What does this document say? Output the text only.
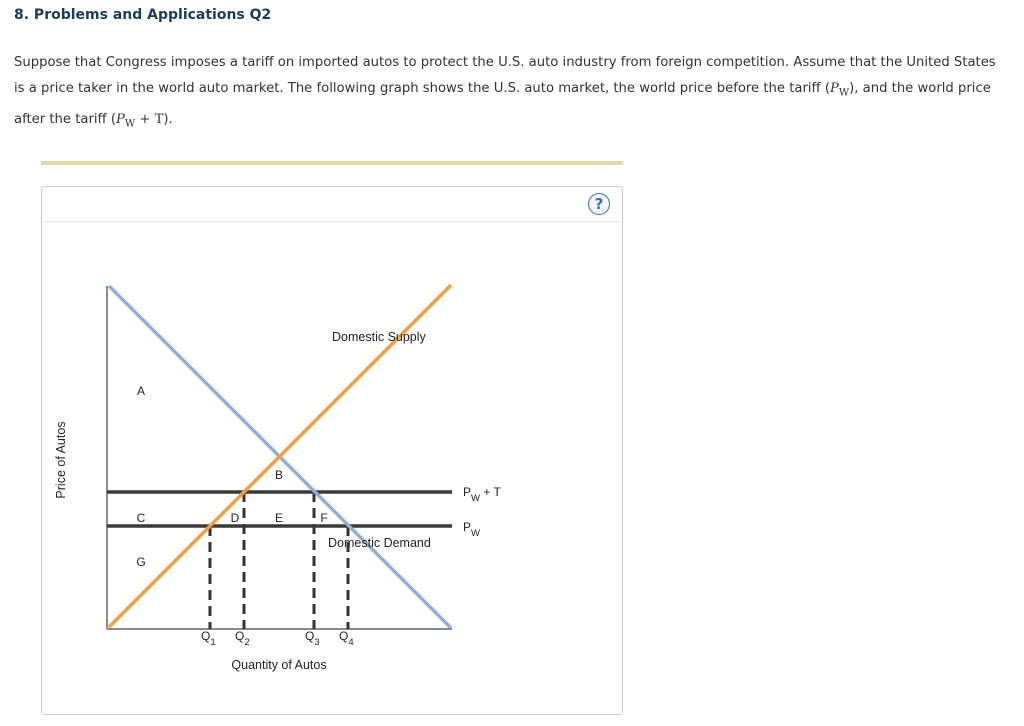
8. Problems and Applications Q2
Suppose that Congress imposes a tariff on imported autos to protect the U.S. auto industry from foreign competition. Assume that the United States is a price taker in the world auto market. The following graph shows the U.S. auto market, the world price before the tariff $(P_W)$, and the world price after the tariff $(P_W + T)$.
?
Domestic Supply
Domestic Demand
$P_W + T$
$P_W$
A
B
C	D	E	F
G
$Q_1$ $Q_2$	$Q_3$ $Q_4$
Quantity of Autos
Price of Autos
